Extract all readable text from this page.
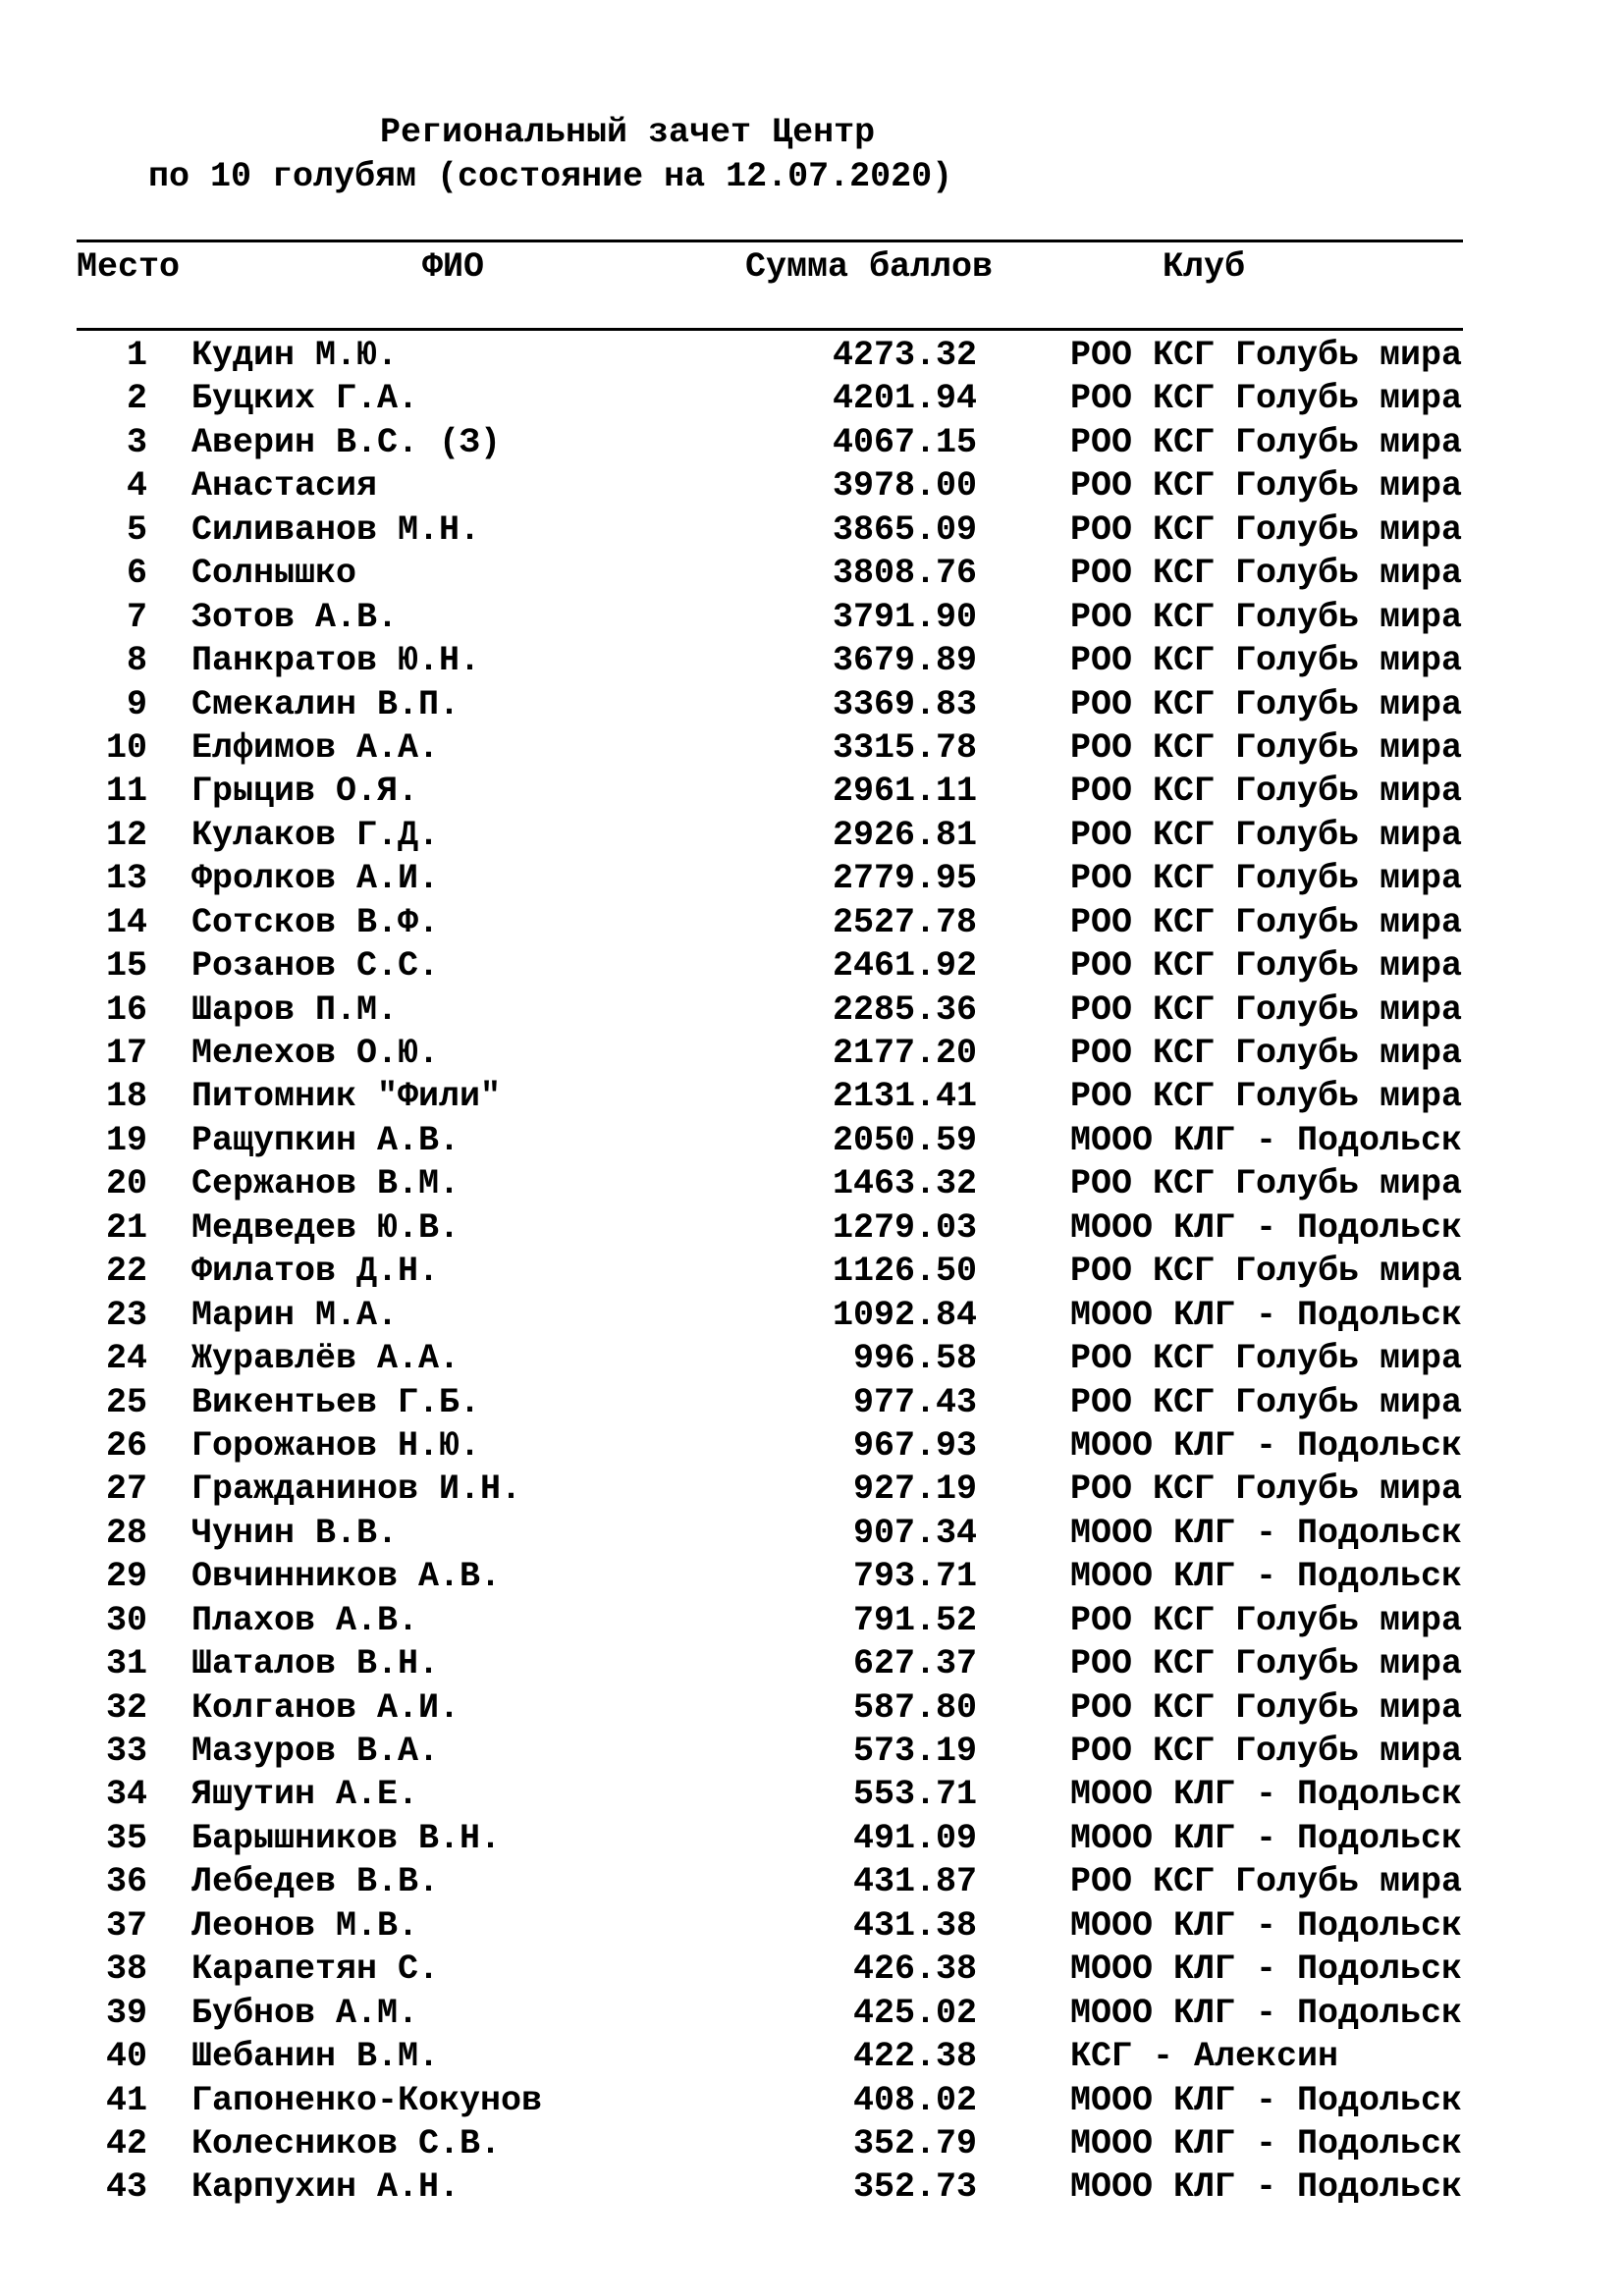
Региональный зачет Центр
по 10 голубям (состояние на 12.07.2020)
Место	ФИО	Сумма баллов	Клуб
1 Кудин М.Ю.	4273.32	РОО КСГ Голубь мира
2 Буцких Г.А.	4201.94	РОО КСГ Голубь мира
3 Аверин В.С. (З)	4067.15	РОО КСГ Голубь мира
4 Анастасия	3978.00	РОО КСГ Голубь мира
5 Силиванов М.Н.	3865.09	РОО КСГ Голубь мира
6 Солнышко	3808.76	РОО КСГ Голубь мира
7 Зотов А.В.	3791.90	РОО КСГ Голубь мира
8 Панкратов Ю.Н.	3679.89	РОО КСГ Голубь мира
9 Смекалин В.П.	3369.83	РОО КСГ Голубь мира
10 Елфимов А.А.	3315.78	РОО КСГ Голубь мира
11 Грыцив О.Я.	2961.11	РОО КСГ Голубь мира
12 Кулаков Г.Д.	2926.81	РОО КСГ Голубь мира
13 Фролков А.И.	2779.95	РОО КСГ Голубь мира
14 Сотсков В.Ф.	2527.78	РОО КСГ Голубь мира
15 Розанов С.С.	2461.92	РОО КСГ Голубь мира
16 Шаров П.М.	2285.36	РОО КСГ Голубь мира
17 Мелехов О.Ю.	2177.20	РОО КСГ Голубь мира
18 Питомник "Фили"	2131.41	РОО КСГ Голубь мира
19 Ращупкин А.В.	2050.59	МООО КЛГ - Подольск
20 Сержанов В.М.	1463.32	РОО КСГ Голубь мира
21 Медведев Ю.В.	1279.03	МООО КЛГ - Подольск
22 Филатов Д.Н.	1126.50	РОО КСГ Голубь мира
23 Марин М.А.	1092.84	МООО КЛГ - Подольск
24 Журавлёв А.А.	996.58	РОО КСГ Голубь мира
25 Викентьев Г.Б.	977.43	РОО КСГ Голубь мира
26 Горожанов Н.Ю.	967.93	МООО КЛГ - Подольск
27 Гражданинов И.Н.	927.19	РОО КСГ Голубь мира
28 Чунин В.В.	907.34	МООО КЛГ - Подольск
29 Овчинников А.В.	793.71	МООО КЛГ - Подольск
30 Плахов А.В.	791.52	РОО КСГ Голубь мира
31 Шаталов В.Н.	627.37	РОО КСГ Голубь мира
32 Колганов А.И.	587.80	РОО КСГ Голубь мира
33 Мазуров В.А.	573.19	РОО КСГ Голубь мира
34 Яшутин А.Е.	553.71	МООО КЛГ - Подольск
35 Барышников В.Н.	491.09	МООО КЛГ - Подольск
36 Лебедев В.В.	431.87	РОО КСГ Голубь мира
37 Леонов М.В.	431.38	МООО КЛГ - Подольск
38 Карапетян С.	426.38	МООО КЛГ - Подольск
39 Бубнов А.М.	425.02	МООО КЛГ - Подольск
40 Шебанин В.М.	422.38	КСГ - Алексин
41 Гапоненко-Кокунов	408.02	МООО КЛГ - Подольск
42 Колесников С.В.	352.79	МООО КЛГ - Подольск
43 Карпухин А.Н.	352.73	МООО КЛГ - Подольск
